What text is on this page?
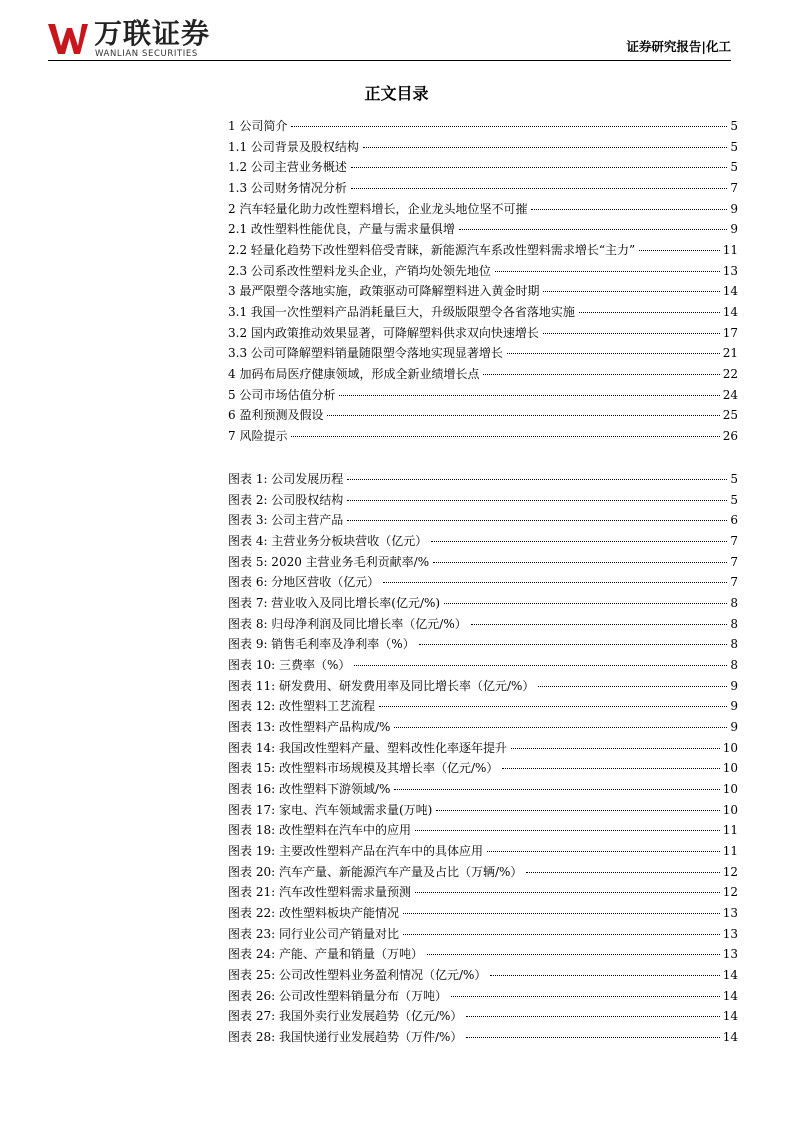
万联证券
WANLIAN SECURITIES	证券研究报告|化工
正文目录
1 公司简介	5
1.1 公司背景及股权结构	5
1.2 公司主营业务概述	5
1.3 公司财务情况分析	7
2 汽车轻量化助力改性塑料增长，企业龙头地位坚不可摧	9
2.1 改性塑料性能优良，产量与需求量俱增	9
2.2 轻量化趋势下改性塑料倍受青睐，新能源汽车系改性塑料需求增长“主力”	11
2.3 公司系改性塑料龙头企业，产销均处领先地位	13
3 最严限塑令落地实施，政策驱动可降解塑料进入黄金时期	14
3.1 我国一次性塑料产品消耗量巨大，升级版限塑令各省落地实施	14
3.2 国内政策推动效果显著，可降解塑料供求双向快速增长	17
3.3 公司可降解塑料销量随限塑令落地实现显著增长	21
4 加码布局医疗健康领域，形成全新业绩增长点	22
5 公司市场估值分析	24
6 盈利预测及假设	25
7 风险提示	26
图表 1: 公司发展历程	5
图表 2: 公司股权结构	5
图表 3: 公司主营产品	6
图表 4: 主营业务分板块营收（亿元）	7
图表 5: 2020 主营业务毛利贡献率/%	7
图表 6: 分地区营收（亿元）	7
图表 7: 营业收入及同比增长率(亿元/%)	8
图表 8: 归母净利润及同比增长率（亿元/%）	8
图表 9: 销售毛利率及净利率（%）	8
图表 10: 三费率（%）	8
图表 11: 研发费用、研发费用率及同比增长率（亿元/%）	9
图表 12: 改性塑料工艺流程	9
图表 13: 改性塑料产品构成/%	9
图表 14: 我国改性塑料产量、塑料改性化率逐年提升	10
图表 15: 改性塑料市场规模及其增长率（亿元/%）	10
图表 16: 改性塑料下游领域/%	10
图表 17: 家电、汽车领域需求量(万吨)	10
图表 18: 改性塑料在汽车中的应用	11
图表 19: 主要改性塑料产品在汽车中的具体应用	11
图表 20: 汽车产量、新能源汽车产量及占比（万辆/%）	12
图表 21: 汽车改性塑料需求量预测	12
图表 22: 改性塑料板块产能情况	13
图表 23: 同行业公司产销量对比	13
图表 24: 产能、产量和销量（万吨）	13
图表 25: 公司改性塑料业务盈利情况（亿元/%）	14
图表 26: 公司改性塑料销量分布（万吨）	14
图表 27: 我国外卖行业发展趋势（亿元/%）	14
图表 28: 我国快递行业发展趋势（万件/%）	14
